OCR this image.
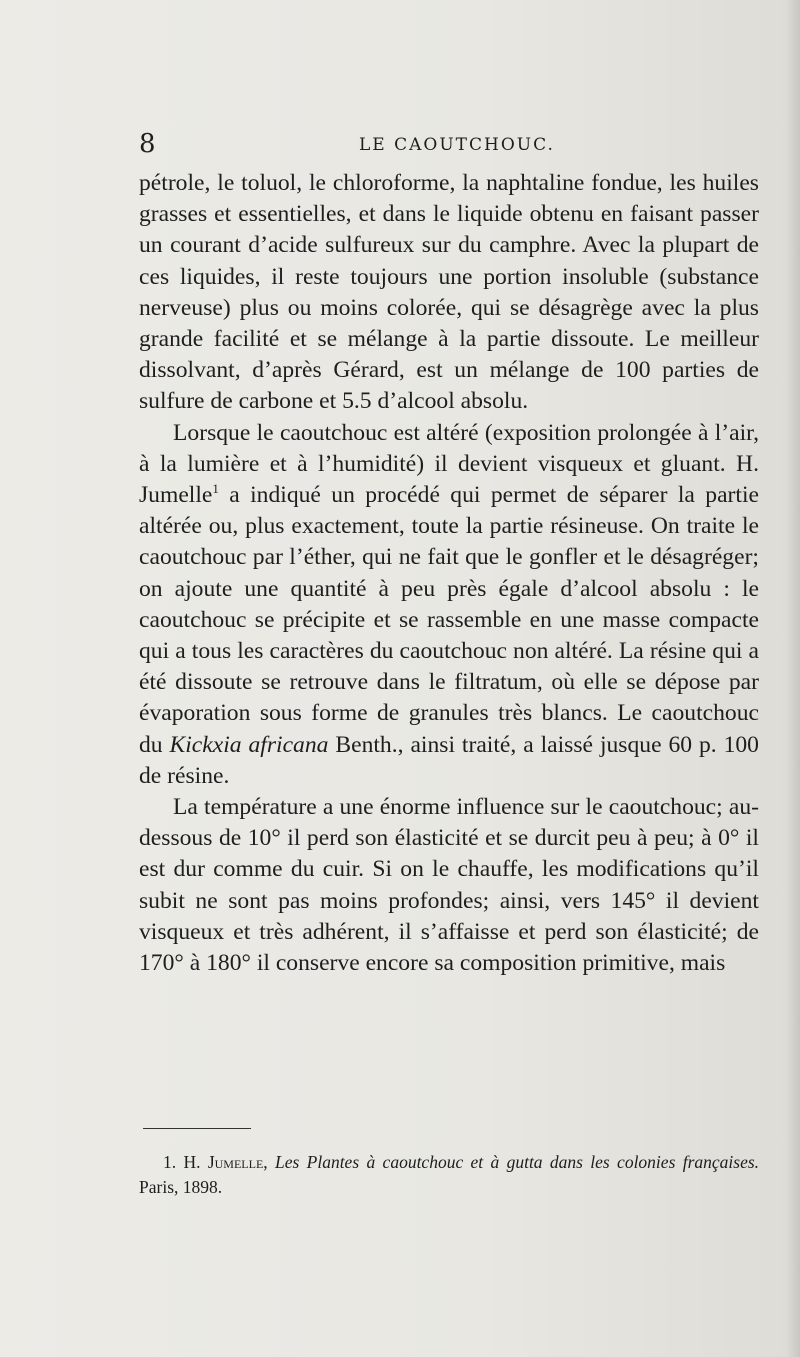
8	LE CAOUTCHOUC.

pétrole, le toluol, le chloroforme, la naphtaline fondue, les huiles grasses et essentielles, et dans le liquide obtenu en faisant passer un courant d’acide sulfureux sur du camphre. Avec la plupart de ces liquides, il reste toujours une portion insoluble (substance nerveuse) plus ou moins colorée, qui se désagrège avec la plus grande facilité et se mélange à la partie dissoute. Le meilleur dissolvant, d’après Gérard, est un mélange de 100 parties de sulfure de carbone et 5.5 d’alcool absolu.

Lorsque le caoutchouc est altéré (exposition prolongée à l’air, à la lumière et à l’humidité) il devient visqueux et gluant. H. Jumelle$^1$ a indiqué un procédé qui permet de séparer la partie altérée ou, plus exactement, toute la partie résineuse. On traite le caoutchouc par l’éther, qui ne fait que le gonfler et le désagréger; on ajoute une quantité à peu près égale d’alcool absolu : le caoutchouc se précipite et se rassemble en une masse compacte qui a tous les caractères du caoutchouc non altéré. La résine qui a été dissoute se retrouve dans le filtratum, où elle se dépose par évaporation sous forme de granules très blancs. Le caoutchouc du Kickxia africana Benth., ainsi traité, a laissé jusque 60 p. 100 de résine.

La température a une énorme influence sur le caoutchouc; au-dessous de 10° il perd son élasticité et se durcit peu à peu; à 0° il est dur comme du cuir. Si on le chauffe, les modifications qu’il subit ne sont pas moins profondes; ainsi, vers 145° il devient visqueux et très adhérent, il s’affaisse et perd son élasticité; de 170° à 180° il conserve encore sa composition primitive, mais

1. H. Jumelle, Les Plantes à caoutchouc et à gutta dans les colonies françaises. Paris, 1898.
